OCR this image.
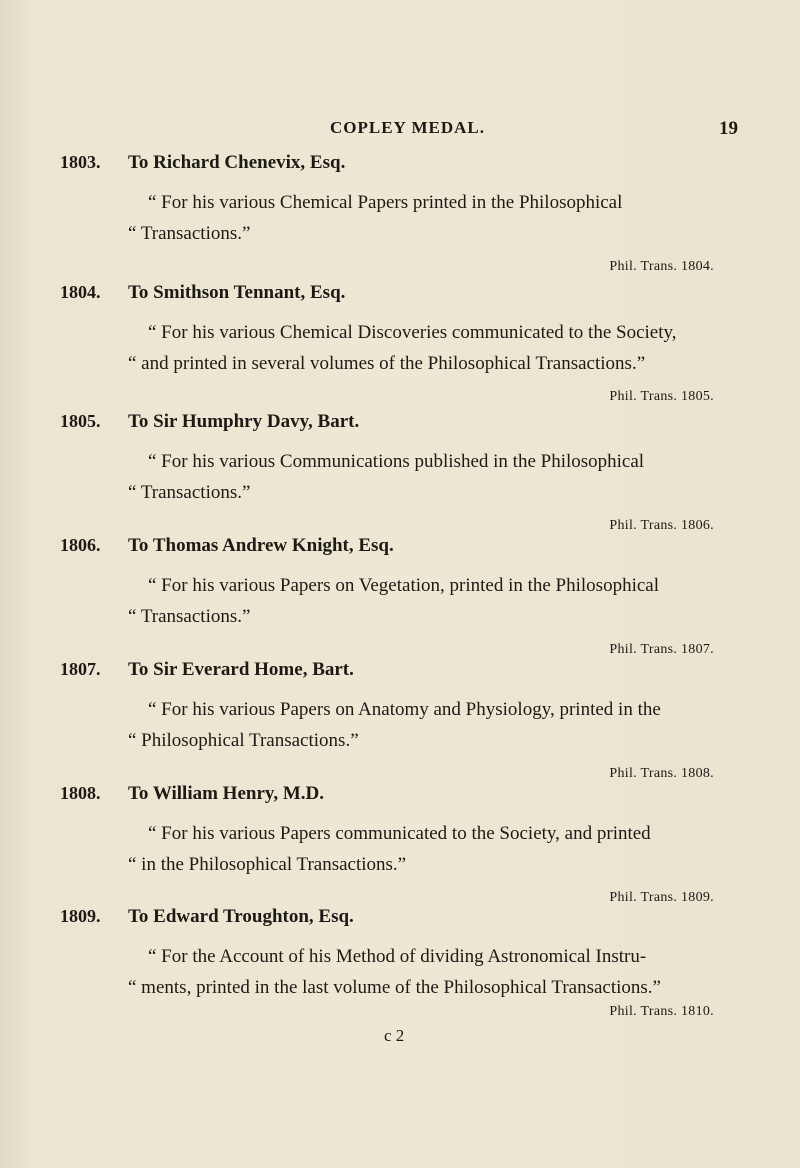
COPLEY MEDAL.	19
1803. To Richard Chenevix, Esq.
“ For his various Chemical Papers printed in the Philosophical
“ Transactions.”
Phil. Trans. 1804.
1804. To Smithson Tennant, Esq.
“ For his various Chemical Discoveries communicated to the Society,
“ and printed in several volumes of the Philosophical Transactions.”
Phil. Trans. 1805.
1805. To Sir Humphry Davy, Bart.
“ For his various Communications published in the Philosophical
“ Transactions.”
Phil. Trans. 1806.
1806. To Thomas Andrew Knight, Esq.
“ For his various Papers on Vegetation, printed in the Philosophical
“ Transactions.”
Phil. Trans. 1807.
1807. To Sir Everard Home, Bart.
“ For his various Papers on Anatomy and Physiology, printed in the
“ Philosophical Transactions.”
Phil. Trans. 1808.
1808. To William Henry, M.D.
“ For his various Papers communicated to the Society, and printed
“ in the Philosophical Transactions.”
Phil. Trans. 1809.
1809. To Edward Troughton, Esq.
“ For the Account of his Method of dividing Astronomical Instru-
“ ments, printed in the last volume of the Philosophical Transactions.”
Phil. Trans. 1810.
c 2
